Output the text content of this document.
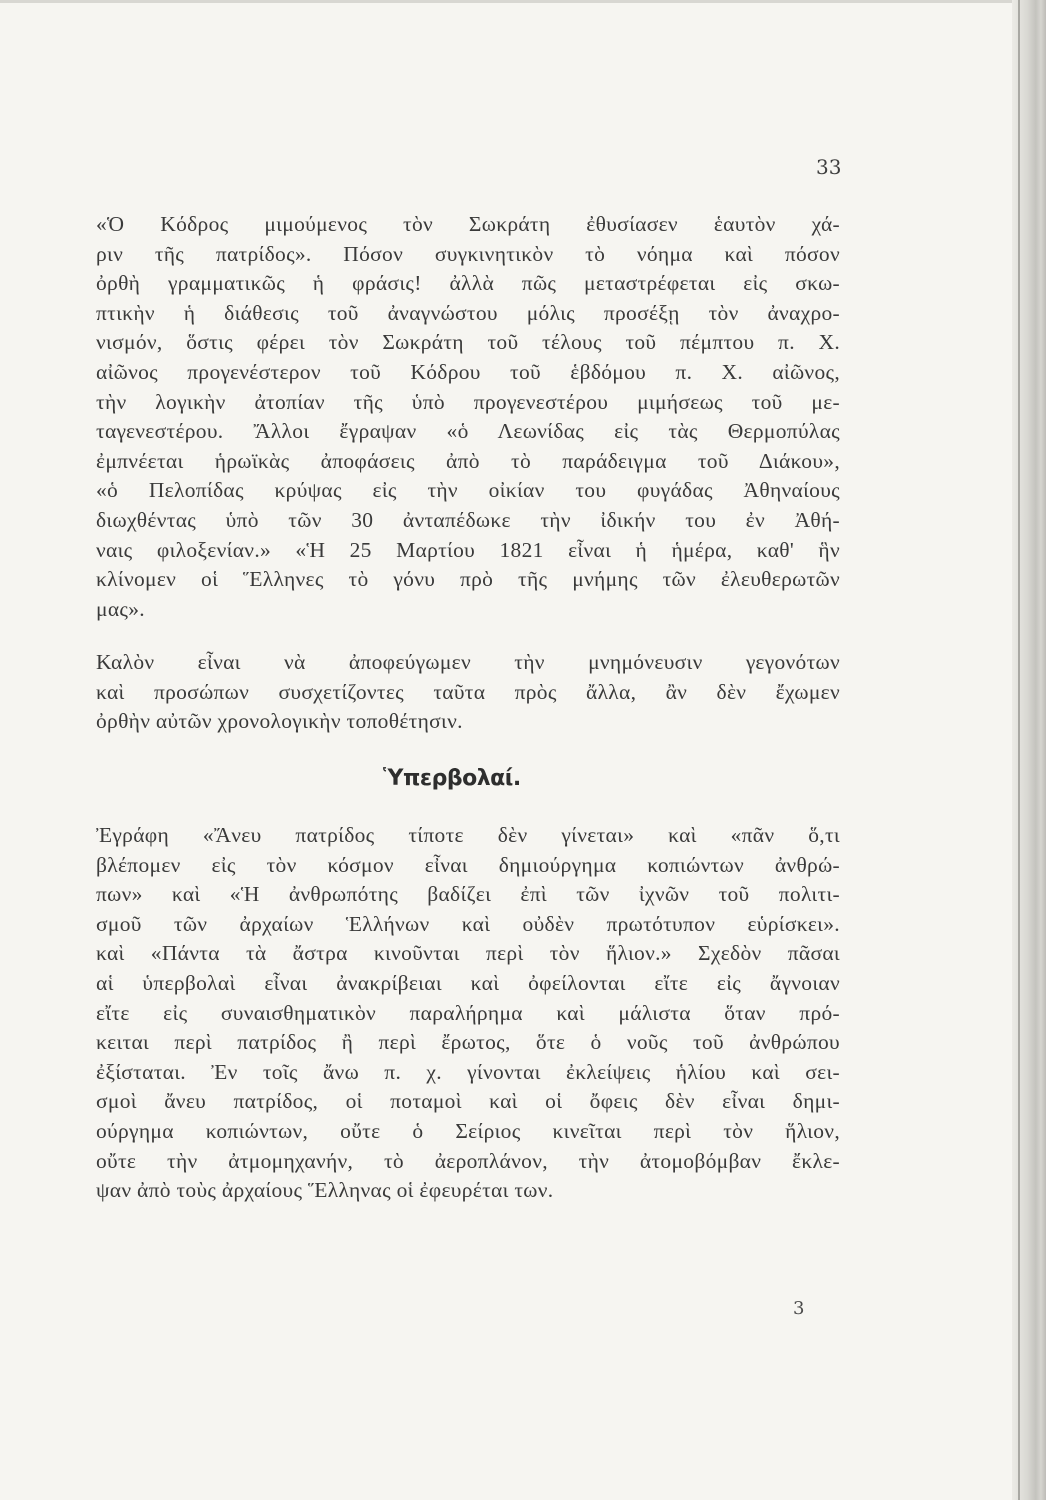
33
«Ὁ Κόδρος μιμούμενος τὸν Σωκράτη ἐθυσίασεν ἑαυτὸν χά-
ριν τῆς πατρίδος». Πόσον συγκινητικὸν τὸ νόημα καὶ πόσον
ὀρθὴ γραμματικῶς ἡ φράσις! ἀλλὰ πῶς μεταστρέφεται εἰς σκω-
πτικὴν ἡ διάθεσις τοῦ ἀναγνώστου μόλις προσέξῃ τὸν ἀναχρο-
νισμόν, ὅστις φέρει τὸν Σωκράτη τοῦ τέλους τοῦ πέμπτου π. Χ.
αἰῶνος προγενέστερον τοῦ Κόδρου τοῦ ἑβδόμου π. Χ. αἰῶνος,
τὴν λογικὴν ἀτοπίαν τῆς ὑπὸ προγενεστέρου μιμήσεως τοῦ με-
ταγενεστέρου. Ἄλλοι ἔγραψαν «ὁ Λεωνίδας εἰς τὰς Θερμοπύλας
ἐμπνέεται ἡρωϊκὰς ἀποφάσεις ἀπὸ τὸ παράδειγμα τοῦ Διάκου»,
«ὁ Πελοπίδας κρύψας εἰς τὴν οἰκίαν του φυγάδας Ἀθηναίους
διωχθέντας ὑπὸ τῶν 30 ἀνταπέδωκε τὴν ἰδικήν του ἐν Ἀθή-
ναις φιλοξενίαν.» «Ἡ 25 Μαρτίου 1821 εἶναι ἡ ἡμέρα, καθ' ἣν
κλίνομεν οἱ Ἕλληνες τὸ γόνυ πρὸ τῆς μνήμης τῶν ἐλευθερωτῶν
μας».
Καλὸν εἶναι νὰ ἀποφεύγωμεν τὴν μνημόνευσιν γεγονότων
καὶ προσώπων συσχετίζοντες ταῦτα πρὸς ἄλλα, ἂν δὲν ἔχωμεν
ὀρθὴν αὐτῶν χρονολογικὴν τοποθέτησιν.
Ὑπερβολαί.
Ἐγράφη «Ἄνευ πατρίδος τίποτε δὲν γίνεται» καὶ «πᾶν ὅ,τι
βλέπομεν εἰς τὸν κόσμον εἶναι δημιούργημα κοπιώντων ἀνθρώ-
πων» καὶ «Ἡ ἀνθρωπότης βαδίζει ἐπὶ τῶν ἰχνῶν τοῦ πολιτι-
σμοῦ τῶν ἀρχαίων Ἑλλήνων καὶ οὐδὲν πρωτότυπον εὑρίσκει».
καὶ «Πάντα τὰ ἄστρα κινοῦνται περὶ τὸν ἥλιον.» Σχεδὸν πᾶσαι
αἱ ὑπερβολαὶ εἶναι ἀνακρίβειαι καὶ ὀφείλονται εἴτε εἰς ἄγνοιαν
εἴτε εἰς συναισθηματικὸν παραλήρημα καὶ μάλιστα ὅταν πρό-
κειται περὶ πατρίδος ἢ περὶ ἔρωτος, ὅτε ὁ νοῦς τοῦ ἀνθρώπου
ἐξίσταται. Ἐν τοῖς ἄνω π. χ. γίνονται ἐκλείψεις ἡλίου καὶ σει-
σμοὶ ἄνευ πατρίδος, οἱ ποταμοὶ καὶ οἱ ὄφεις δὲν εἶναι δημι-
ούργημα κοπιώντων, οὔτε ὁ Σείριος κινεῖται περὶ τὸν ἥλιον,
οὔτε τὴν ἀτμομηχανήν, τὸ ἀεροπλάνον, τὴν ἀτομοβόμβαν ἔκλε-
ψαν ἀπὸ τοὺς ἀρχαίους Ἕλληνας οἱ ἐφευρέται των.
3
